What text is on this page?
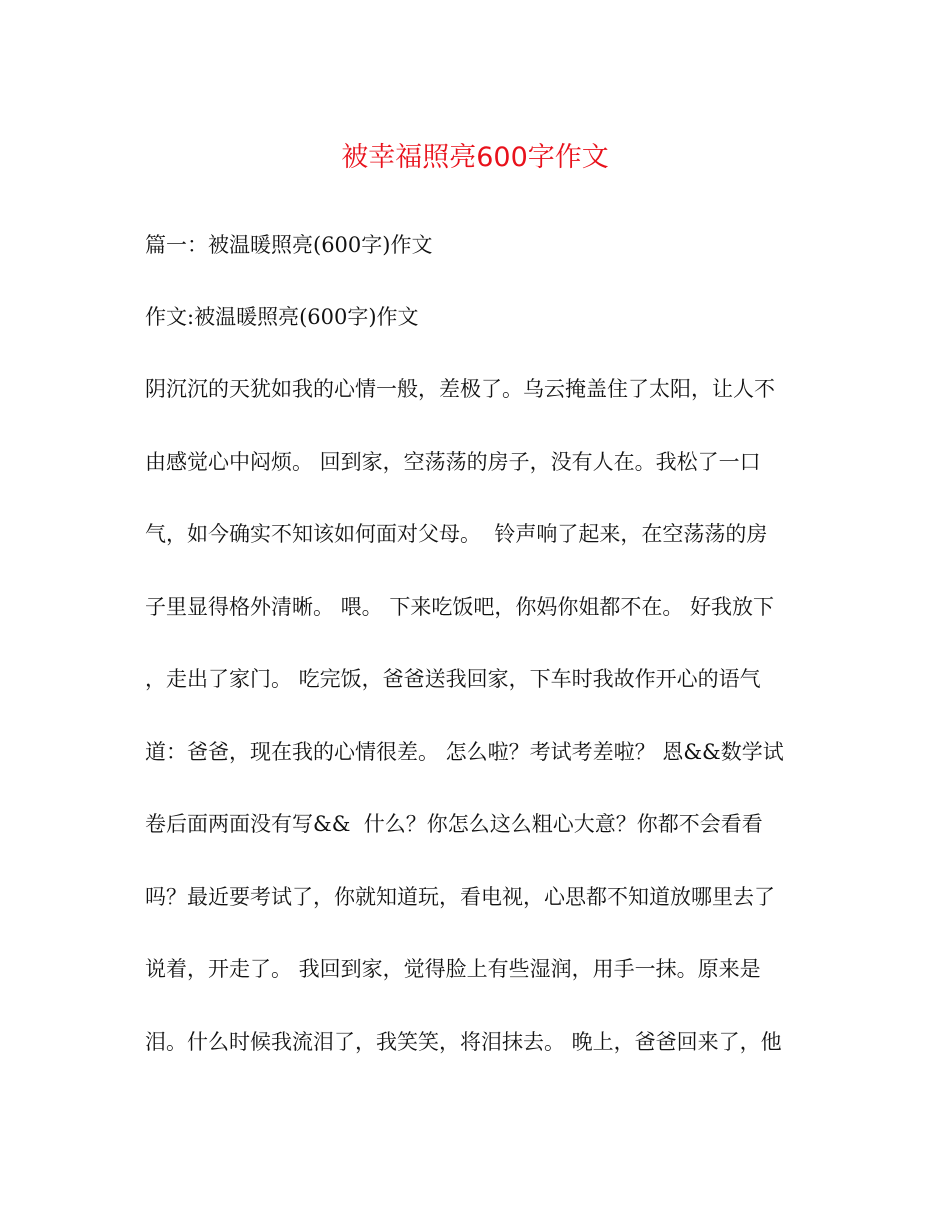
被幸福照亮600字作文

篇一：被温暖照亮(600字)作文

作文:被温暖照亮(600字)作文

阴沉沉的天犹如我的心情一般，差极了。乌云掩盖住了太阳，让人不

由感觉心中闷烦。 回到家，空荡荡的房子，没有人在。我松了一口

气，如今确实不知该如何面对父母。  铃声响了起来，在空荡荡的房

子里显得格外清晰。 喂。 下来吃饭吧，你妈你姐都不在。 好我放下

，走出了家门。 吃完饭，爸爸送我回家，下车时我故作开心的语气

道：爸爸，现在我的心情很差。 怎么啦？考试考差啦？ 恩&&数学试

卷后面两面没有写&&  什么？你怎么这么粗心大意？你都不会看看

吗？最近要考试了，你就知道玩，看电视，心思都不知道放哪里去了

说着，开走了。 我回到家，觉得脸上有些湿润，用手一抹。原来是

泪。什么时候我流泪了，我笑笑，将泪抹去。 晚上，爸爸回来了，他
